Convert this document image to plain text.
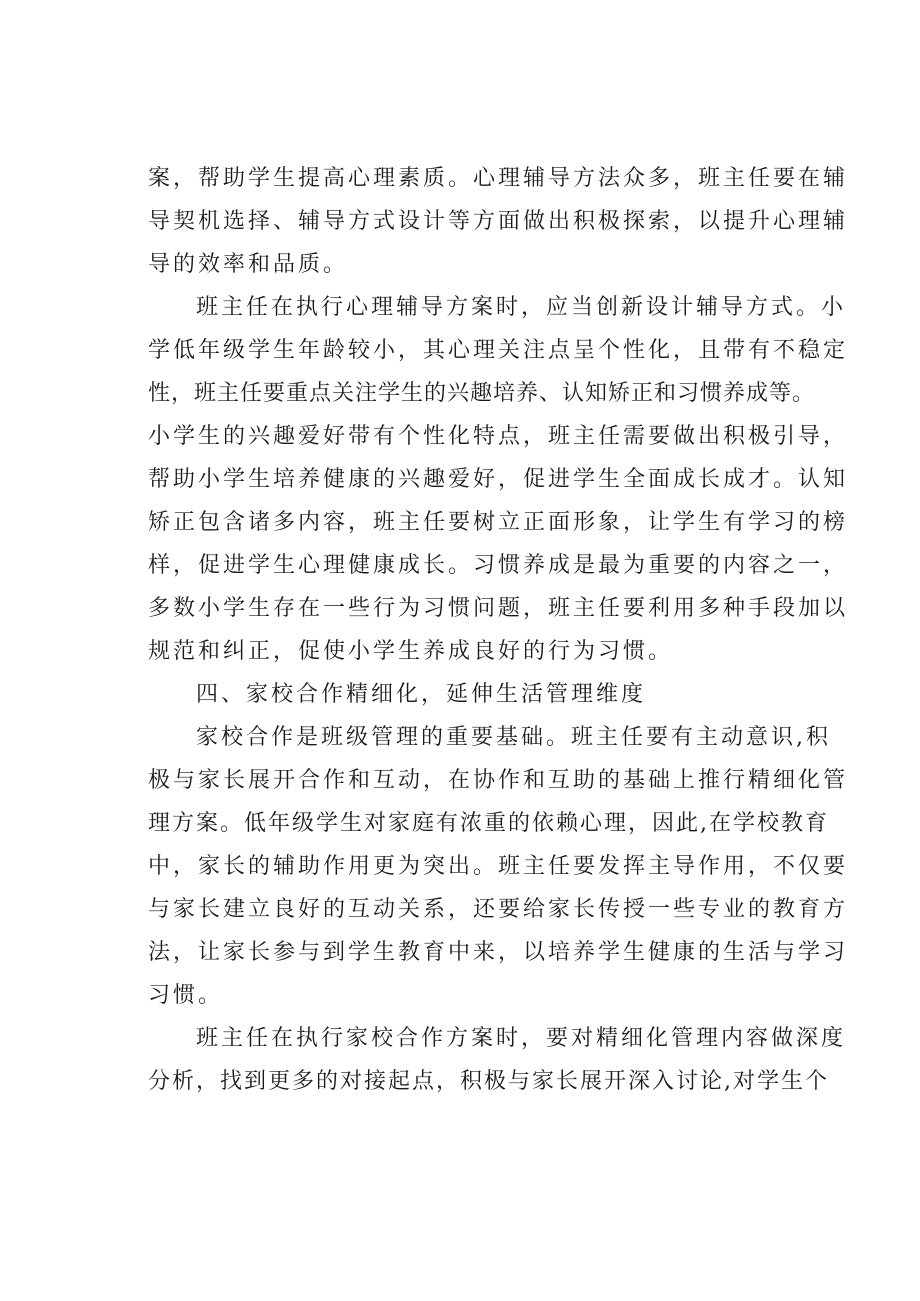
案，帮助学生提高心理素质。心理辅导方法众多，班主任要在辅

导契机选择、辅导方式设计等方面做出积极探索，以提升心理辅

导的效率和品质。

班主任在执行心理辅导方案时，应当创新设计辅导方式。小

学低年级学生年龄较小，其心理关注点呈个性化，且带有不稳定

性，班主任要重点关注学生的兴趣培养、认知矫正和习惯养成等。

小学生的兴趣爱好带有个性化特点，班主任需要做出积极引导，

帮助小学生培养健康的兴趣爱好，促进学生全面成长成才。认知

矫正包含诸多内容，班主任要树立正面形象，让学生有学习的榜

样，促进学生心理健康成长。习惯养成是最为重要的内容之一，

多数小学生存在一些行为习惯问题，班主任要利用多种手段加以

规范和纠正，促使小学生养成良好的行为习惯。

四、家校合作精细化，延伸生活管理维度

家校合作是班级管理的重要基础。班主任要有主动意识,积

极与家长展开合作和互动，在协作和互助的基础上推行精细化管

理方案。低年级学生对家庭有浓重的依赖心理，因此,在学校教育

中，家长的辅助作用更为突出。班主任要发挥主导作用，不仅要

与家长建立良好的互动关系，还要给家长传授一些专业的教育方

法，让家长参与到学生教育中来，以培养学生健康的生活与学习

习惯。

班主任在执行家校合作方案时，要对精细化管理内容做深度

分析，找到更多的对接起点，积极与家长展开深入讨论,对学生个
